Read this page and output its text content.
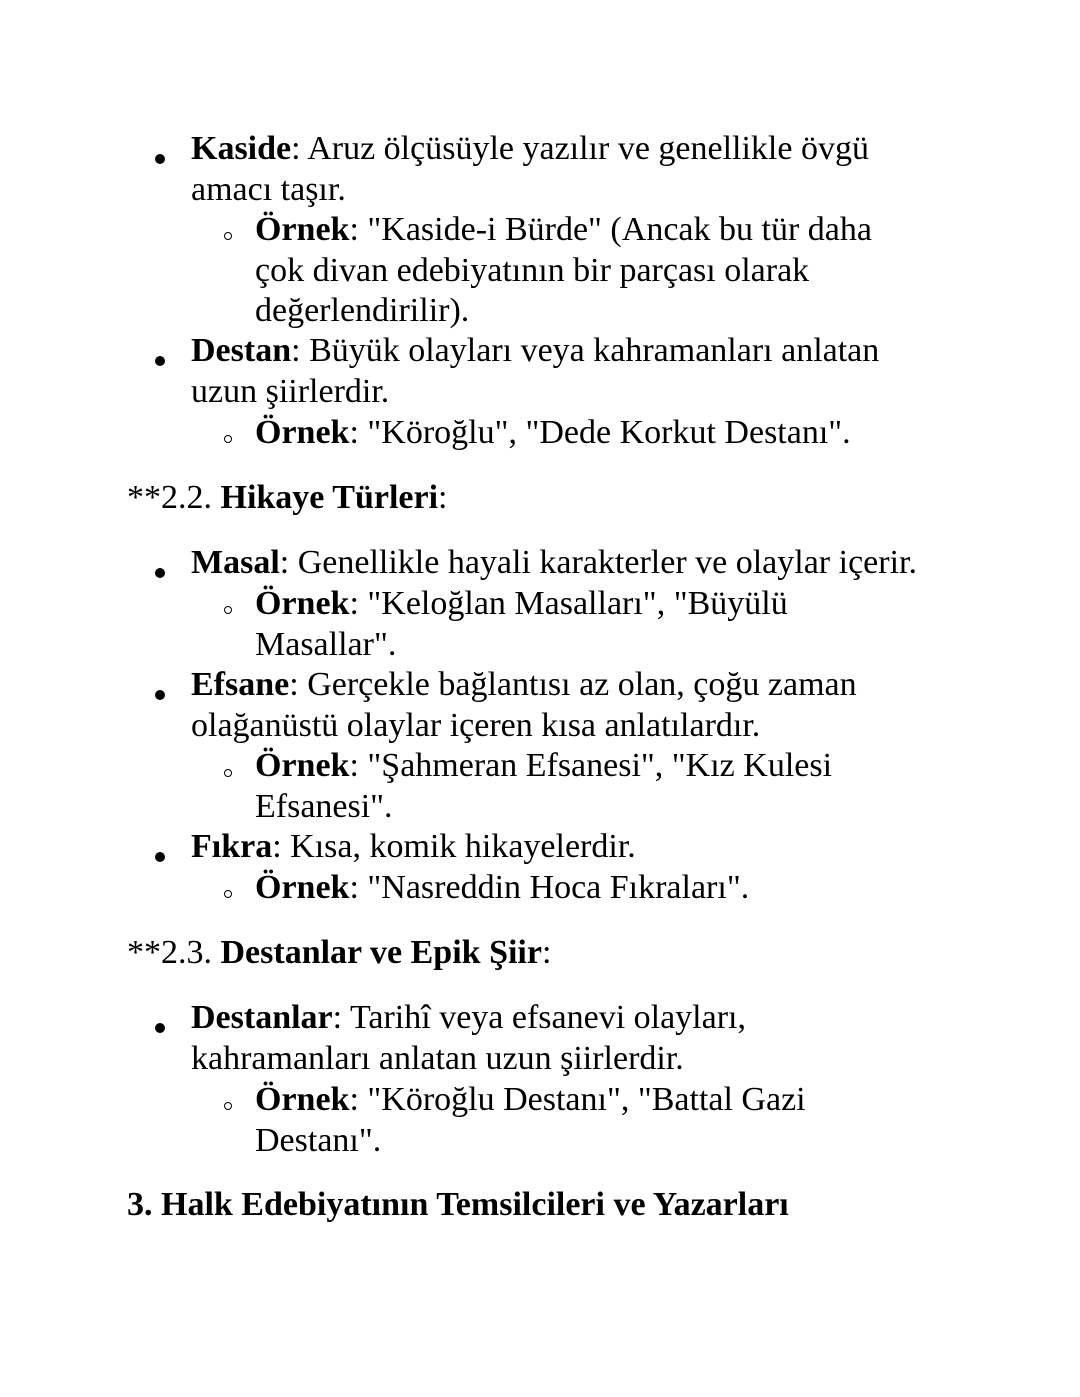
Kaside: Aruz ölçüsüyle yazılır ve genellikle övgü
amacı taşır.
Örnek: "Kaside-i Bürde" (Ancak bu tür daha
çok divan edebiyatının bir parçası olarak
değerlendirilir).
Destan: Büyük olayları veya kahramanları anlatan
uzun şiirlerdir.
Örnek: "Köroğlu", "Dede Korkut Destanı".
**2.2. Hikaye Türleri:
Masal: Genellikle hayali karakterler ve olaylar içerir.
Örnek: "Keloğlan Masalları", "Büyülü
Masallar".
Efsane: Gerçekle bağlantısı az olan, çoğu zaman
olağanüstü olaylar içeren kısa anlatılardır.
Örnek: "Şahmeran Efsanesi", "Kız Kulesi
Efsanesi".
Fıkra: Kısa, komik hikayelerdir.
Örnek: "Nasreddin Hoca Fıkraları".
**2.3. Destanlar ve Epik Şiir:
Destanlar: Tarihî veya efsanevi olayları,
kahramanları anlatan uzun şiirlerdir.
Örnek: "Köroğlu Destanı", "Battal Gazi
Destanı".
3. Halk Edebiyatının Temsilcileri ve Yazarları
